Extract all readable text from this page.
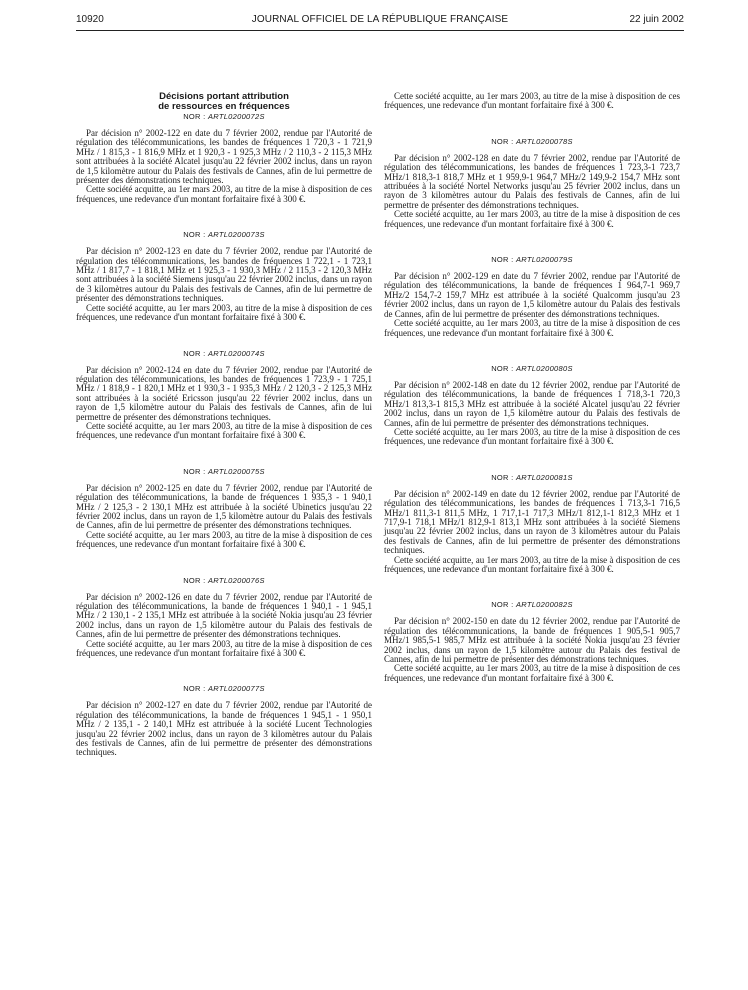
10920	JOURNAL OFFICIEL DE LA RÉPUBLIQUE FRANÇAISE	22 juin 2002

Décisions portant attribution

de ressources en fréquences

NOR : ARTL0200072S

Par décision n° 2002-122 en date du 7 février 2002, rendue par l'Autorité de régulation des télécommunications, les bandes de fréquences 1 720,3 - 1 721,9 MHz / 1 815,3 - 1 816,9 MHz et 1 920,3 - 1 925,3 MHz / 2 110,3 - 2 115,3 MHz sont attribuées à la société Alcatel jusqu'au 22 février 2002 inclus, dans un rayon de 1,5 kilomètre autour du Palais des festivals de Cannes, afin de lui permettre de présenter des démonstrations techniques.

Cette société acquitte, au 1er mars 2003, au titre de la mise à disposition de ces fréquences, une redevance d'un montant forfaitaire fixé à 300 €.

NOR : ARTL0200073S

Par décision n° 2002-123 en date du 7 février 2002, rendue par l'Autorité de régulation des télécommunications, les bandes de fréquences 1 722,1 - 1 723,1 MHz / 1 817,7 - 1 818,1 MHz et 1 925,3 - 1 930,3 MHz / 2 115,3 - 2 120,3 MHz sont attribuées à la société Siemens jusqu'au 22 février 2002 inclus, dans un rayon de 3 kilomètres autour du Palais des festivals de Cannes, afin de lui permettre de présenter des démonstrations techniques.

Cette société acquitte, au 1er mars 2003, au titre de la mise à disposition de ces fréquences, une redevance d'un montant forfaitaire fixé à 300 €.

NOR : ARTL0200074S

Par décision n° 2002-124 en date du 7 février 2002, rendue par l'Autorité de régulation des télécommunications, les bandes de fréquences 1 723,9 - 1 725,1 MHz / 1 818,9 - 1 820,1 MHz et 1 930,3 - 1 935,3 MHz / 2 120,3 - 2 125,3 MHz sont attribuées à la société Ericsson jusqu'au 22 février 2002 inclus, dans un rayon de 1,5 kilomètre autour du Palais des festivals de Cannes, afin de lui permettre de présenter des démonstrations techniques.

Cette société acquitte, au 1er mars 2003, au titre de la mise à disposition de ces fréquences, une redevance d'un montant forfaitaire fixé à 300 €.

NOR : ARTL0200075S

Par décision n° 2002-125 en date du 7 février 2002, rendue par l'Autorité de régulation des télécommunications, la bande de fréquences 1 935,3 - 1 940,1 MHz / 2 125,3 - 2 130,1 MHz est attribuée à la société Ubinetics jusqu'au 22 février 2002 inclus, dans un rayon de 1,5 kilomètre autour du Palais des festivals de Cannes, afin de lui permettre de présenter des démonstrations techniques.

Cette société acquitte, au 1er mars 2003, au titre de la mise à disposition de ces fréquences, une redevance d'un montant forfaitaire fixé à 300 €.

NOR : ARTL0200076S

Par décision n° 2002-126 en date du 7 février 2002, rendue par l'Autorité de régulation des télécommunications, la bande de fréquences 1 940,1 - 1 945,1 MHz / 2 130,1 - 2 135,1 MHz est attribuée à la société Nokia jusqu'au 23 février 2002 inclus, dans un rayon de 1,5 kilomètre autour du Palais des festivals de Cannes, afin de lui permettre de présenter des démonstrations techniques.

Cette société acquitte, au 1er mars 2003, au titre de la mise à disposition de ces fréquences, une redevance d'un montant forfaitaire fixé à 300 €.

NOR : ARTL0200077S

Par décision n° 2002-127 en date du 7 février 2002, rendue par l'Autorité de régulation des télécommunications, la bande de fréquences 1 945,1 - 1 950,1 MHz / 2 135,1 - 2 140,1 MHz est attribuée à la société Lucent Technologies jusqu'au 22 février 2002 inclus, dans un rayon de 3 kilomètres autour du Palais des festivals de Cannes, afin de lui permettre de présenter des démonstrations techniques.

Cette société acquitte, au 1er mars 2003, au titre de la mise à disposition de ces fréquences, une redevance d'un montant forfaitaire fixé à 300 €.

NOR : ARTL0200078S

Par décision n° 2002-128 en date du 7 février 2002, rendue par l'Autorité de régulation des télécommunications, les bandes de fréquences 1 723,3-1 723,7 MHz/1 818,3-1 818,7 MHz et 1 959,9-1 964,7 MHz/2 149,9-2 154,7 MHz sont attribuées à la société Nortel Networks jusqu'au 25 février 2002 inclus, dans un rayon de 3 kilomètres autour du Palais des festivals de Cannes, afin de lui permettre de présenter des démonstrations techniques.

Cette société acquitte, au 1er mars 2003, au titre de la mise à disposition de ces fréquences, une redevance d'un montant forfaitaire fixé à 300 €.

NOR : ARTL0200079S

Par décision n° 2002-129 en date du 7 février 2002, rendue par l'Autorité de régulation des télécommunications, la bande de fréquences 1 964,7-1 969,7 MHz/2 154,7-2 159,7 MHz est attribuée à la société Qualcomm jusqu'au 23 février 2002 inclus, dans un rayon de 1,5 kilomètre autour du Palais des festivals de Cannes, afin de lui permettre de présenter des démonstrations techniques.

Cette société acquitte, au 1er mars 2003, au titre de la mise à disposition de ces fréquences, une redevance d'un montant forfaitaire fixé à 300 €.

NOR : ARTL0200080S

Par décision n° 2002-148 en date du 12 février 2002, rendue par l'Autorité de régulation des télécommunications, la bande de fréquences 1 718,3-1 720,3 MHz/1 813,3-1 815,3 MHz est attribuée à la société Alcatel jusqu'au 22 février 2002 inclus, dans un rayon de 1,5 kilomètre autour du Palais des festivals de Cannes, afin de lui permettre de présenter des démonstrations techniques.

Cette société acquitte, au 1er mars 2003, au titre de la mise à disposition de ces fréquences, une redevance d'un montant forfaitaire fixé à 300 €.

NOR : ARTL0200081S

Par décision n° 2002-149 en date du 12 février 2002, rendue par l'Autorité de régulation des télécommunications, les bandes de fréquences 1 713,3-1 716,5 MHz/1 811,3-1 811,5 MHz, 1 717,1-1 717,3 MHz/1 812,1-1 812,3 MHz et 1 717,9-1 718,1 MHz/1 812,9-1 813,1 MHz sont attribuées à la société Siemens jusqu'au 22 février 2002 inclus, dans un rayon de 3 kilomètres autour du Palais des festivals de Cannes, afin de lui permettre de présenter des démonstrations techniques.

Cette société acquitte, au 1er mars 2003, au titre de la mise à disposition de ces fréquences, une redevance d'un montant forfaitaire fixé à 300 €.

NOR : ARTL0200082S

Par décision n° 2002-150 en date du 12 février 2002, rendue par l'Autorité de régulation des télécommunications, la bande de fréquences 1 905,5-1 905,7 MHz/1 985,5-1 985,7 MHz est attribuée à la société Nokia jusqu'au 23 février 2002 inclus, dans un rayon de 1,5 kilomètre autour du Palais des festival de Cannes, afin de lui permettre de présenter des démonstrations techniques.

Cette société acquitte, au 1er mars 2003, au titre de la mise à disposition de ces fréquences, une redevance d'un montant forfaitaire fixé à 300 €.
